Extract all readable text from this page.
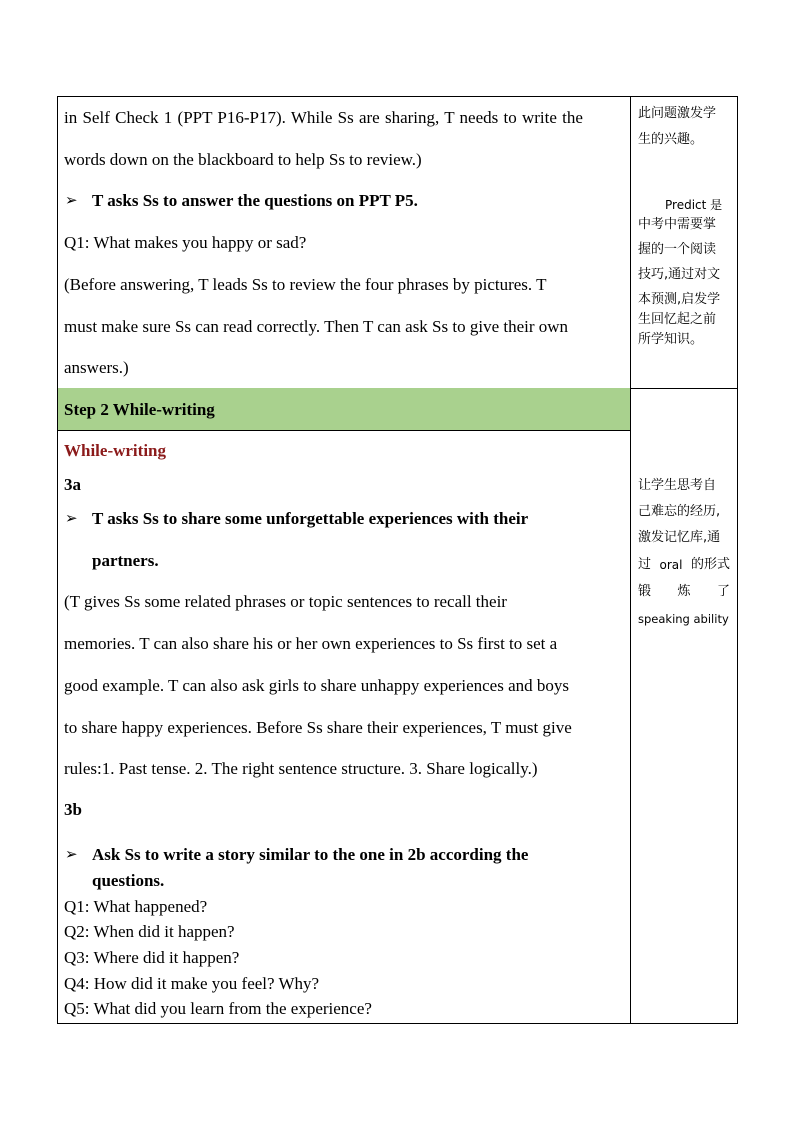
in Self Check 1 (PPT P16-P17). While Ss are sharing, T needs to write the
words down on the blackboard to help Ss to review.)
➢ T asks Ss to answer the questions on PPT P5.
Q1: What makes you happy or sad?
(Before answering, T leads Ss to review the four phrases by pictures. T
must make sure Ss can read correctly. Then T can ask Ss to give their own
answers.)
此问题激发学
生的兴趣。
Predict 是
中考中需要掌
握的一个阅读
技巧,通过对文
本预测,启发学
生回忆起之前
所学知识。
Step 2 While-writing
While-writing
3a
➢ T asks Ss to share some unforgettable experiences with their
partners.
(T gives Ss some related phrases or topic sentences to recall their
memories. T can also share his or her own experiences to Ss first to set a
good example. T can also ask girls to share unhappy experiences and boys
to share happy experiences. Before Ss share their experiences, T must give
rules:1. Past tense. 2. The right sentence structure. 3. Share logically.)
3b
➢ Ask Ss to write a story similar to the one in 2b according the
questions.
Q1: What happened?
Q2: When did it happen?
Q3: Where did it happen?
Q4: How did it make you feel? Why?
Q5: What did you learn from the experience?
让学生思考自
己难忘的经历,
激发记忆库,通
过 oral 的形式
锻 炼 了
speaking ability
